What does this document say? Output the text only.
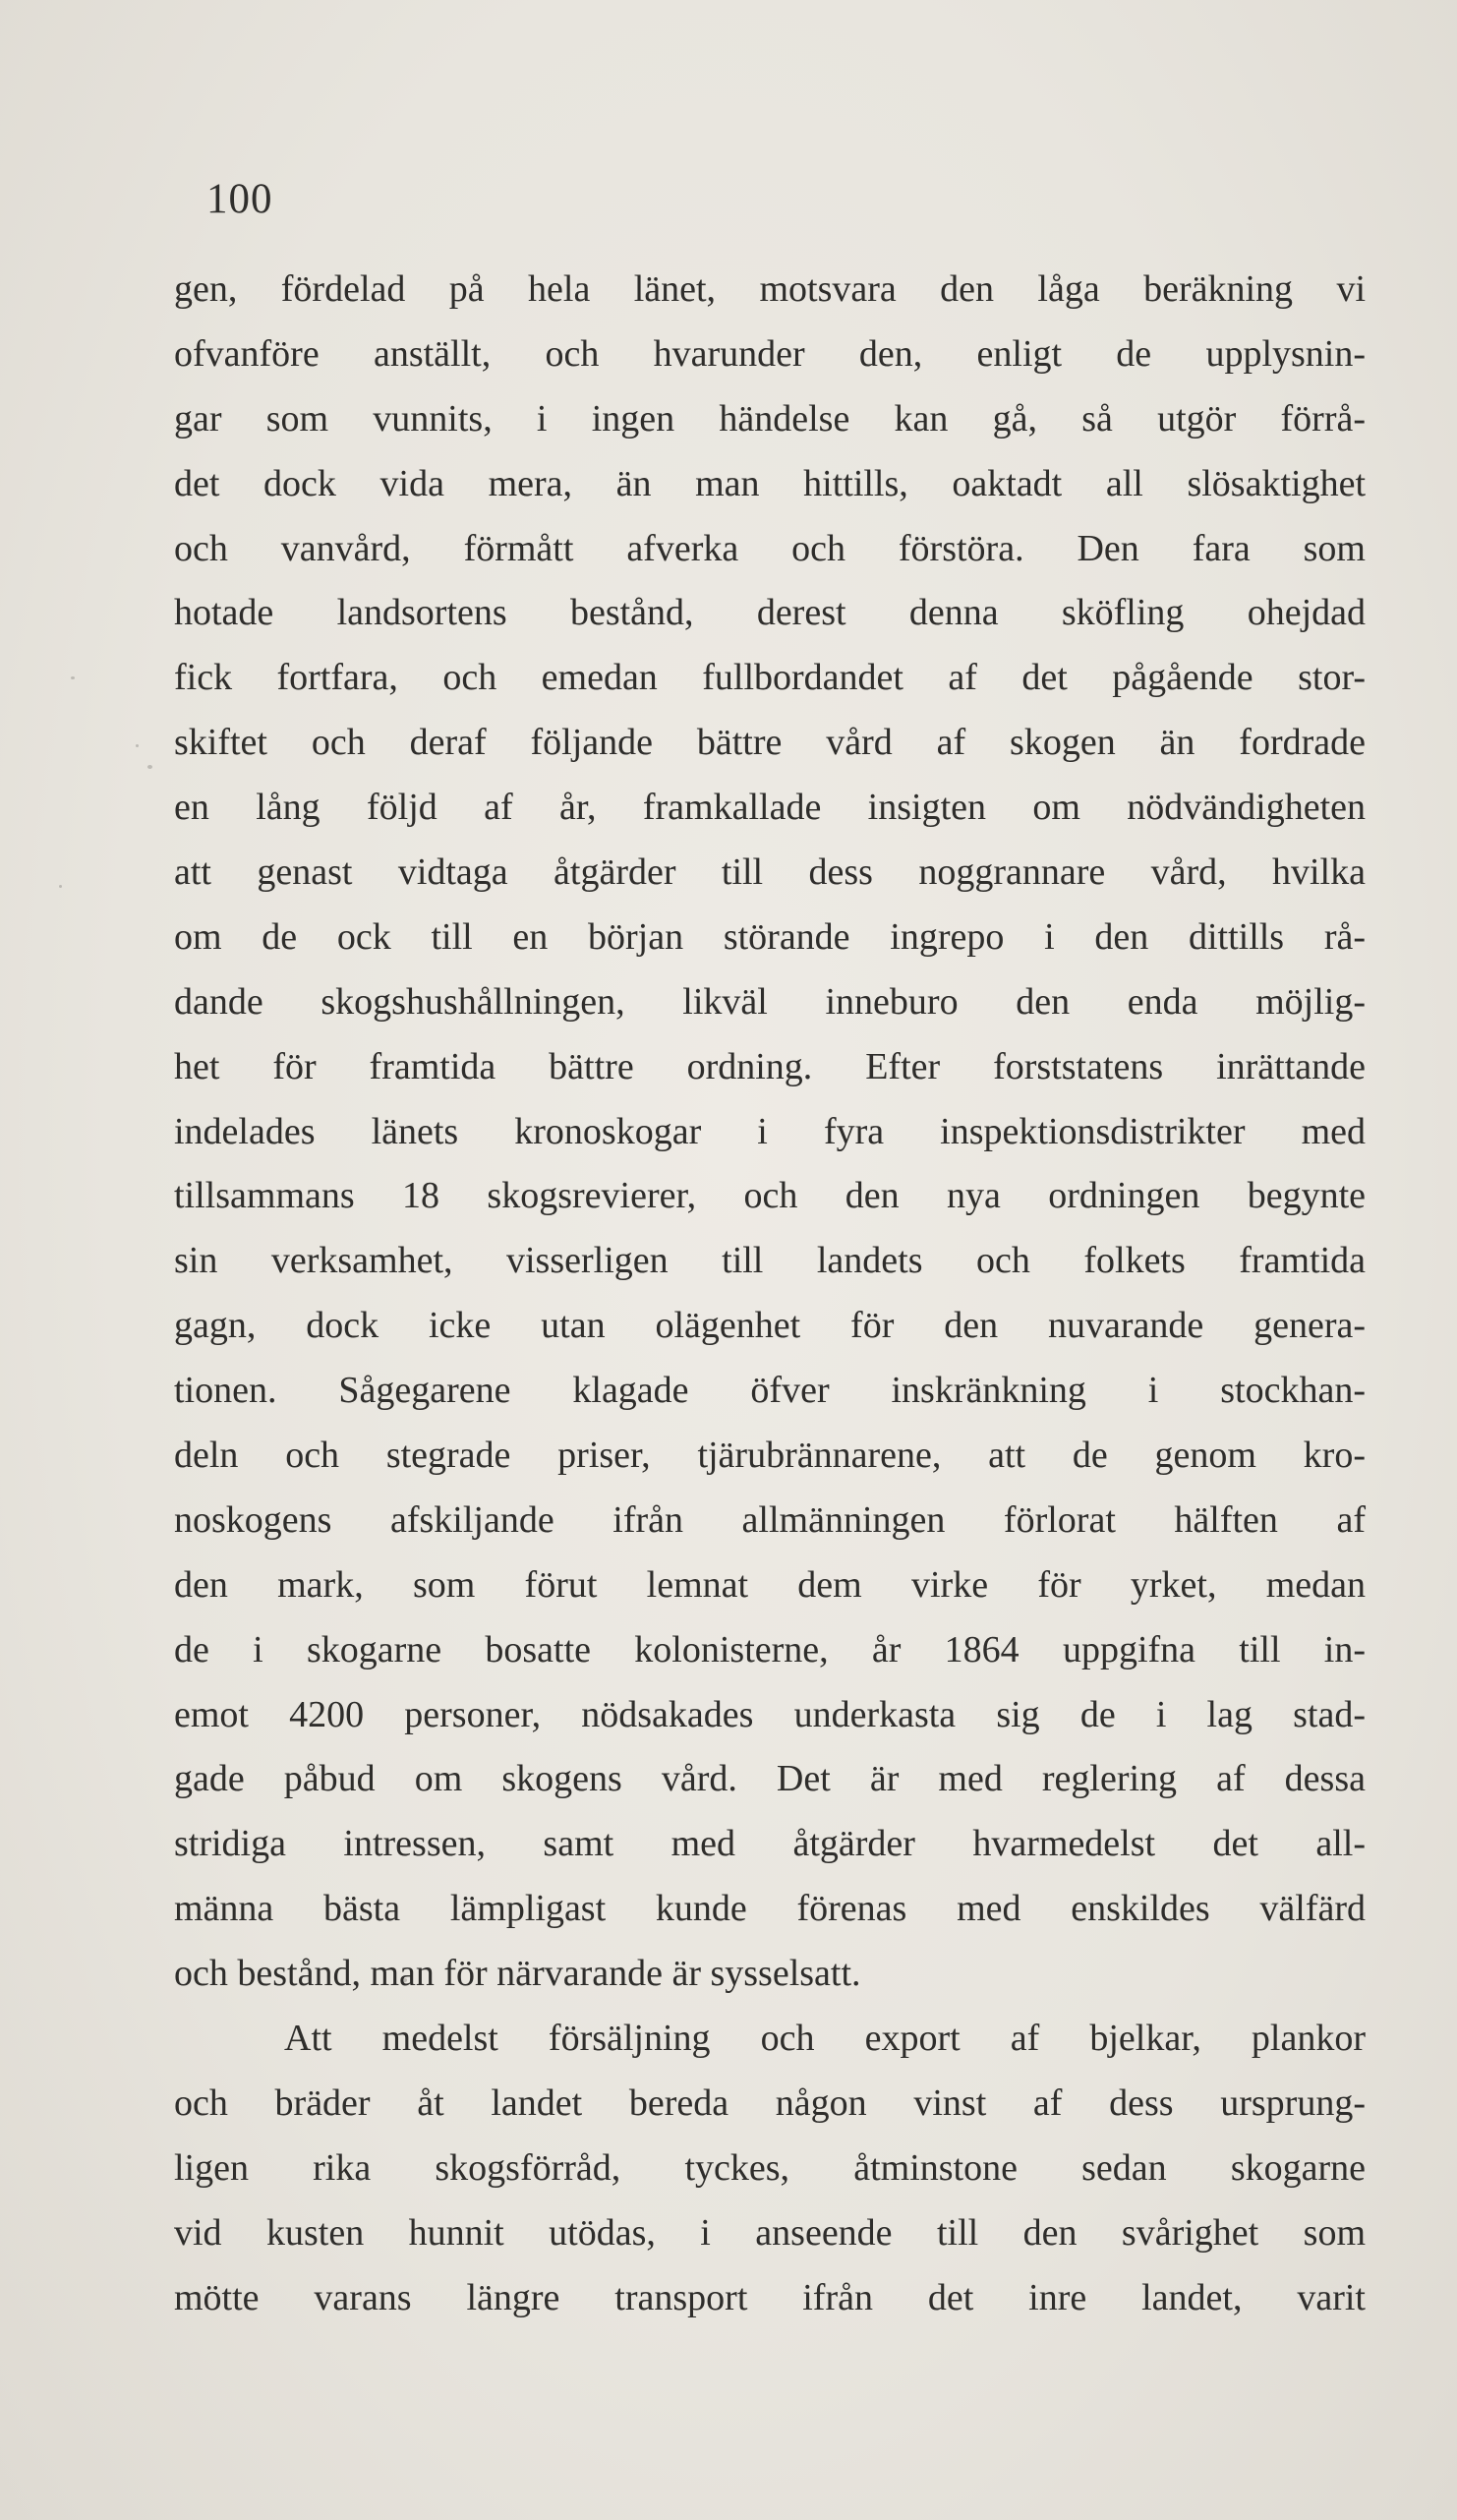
100
gen, fördelad på hela länet, motsvara den låga beräkning vi
ofvanföre anställt, och hvarunder den, enligt de upplysnin-
gar som vunnits, i ingen händelse kan gå, så utgör förrå-
det dock vida mera, än man hittills, oaktadt all slösaktighet
och vanvård, förmått afverka och förstöra. Den fara som
hotade landsortens bestånd, derest denna sköfling ohejdad
fick fortfara, och emedan fullbordandet af det pågående stor-
skiftet och deraf följande bättre vård af skogen än fordrade
en lång följd af år, framkallade insigten om nödvändigheten
att genast vidtaga åtgärder till dess noggrannare vård, hvilka
om de ock till en början störande ingrepo i den dittills rå-
dande skogshushållningen, likväl inneburo den enda möjlig-
het för framtida bättre ordning. Efter forststatens inrättande
indelades länets kronoskogar i fyra inspektionsdistrikter med
tillsammans 18 skogsrevierer, och den nya ordningen begynte
sin verksamhet, visserligen till landets och folkets framtida
gagn, dock icke utan olägenhet för den nuvarande genera-
tionen. Sågegarene klagade öfver inskränkning i stockhan-
deln och stegrade priser, tjärubrännarene, att de genom kro-
noskogens afskiljande ifrån allmänningen förlorat hälften af
den mark, som förut lemnat dem virke för yrket, medan
de i skogarne bosatte kolonisterne, år 1864 uppgifna till in-
emot 4200 personer, nödsakades underkasta sig de i lag stad-
gade påbud om skogens vård. Det är med reglering af dessa
stridiga intressen, samt med åtgärder hvarmedelst det all-
männa bästa lämpligast kunde förenas med enskildes välfärd
och bestånd, man för närvarande är sysselsatt.
Att medelst försäljning och export af bjelkar, plankor
och bräder åt landet bereda någon vinst af dess ursprung-
ligen rika skogsförråd, tyckes, åtminstone sedan skogarne
vid kusten hunnit utödas, i anseende till den svårighet som
mötte varans längre transport ifrån det inre landet, varit
